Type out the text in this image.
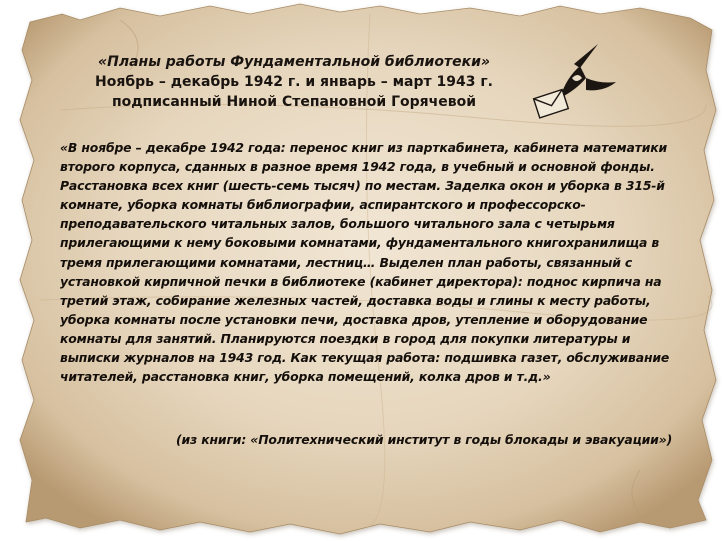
«Планы работы Фундаментальной библиотеки»
Ноябрь – декабрь 1942 г. и январь – март 1943 г.
подписанный Ниной Степановной Горячевой
«В ноябре – декабре 1942 года: перенос книг из парткабинета, кабинета математики второго корпуса, сданных в разное время 1942 года, в учебный и основной фонды. Расстановка всех книг (шесть-семь тысяч) по местам. Заделка окон и уборка в 315-й комнате, уборка комнаты библиографии, аспирантского и профессорско-преподавательского читальных залов, большого читального зала с четырьмя прилегающими к нему боковыми комнатами, фундаментального книгохранилища в тремя прилегающими комнатами, лестниц… Выделен план работы, связанный с установкой кирпичной печки в библиотеке (кабинет директора): поднос кирпича на третий этаж, собирание железных частей, доставка воды и глины к месту работы, уборка комнаты после установки печи, доставка дров, утепление и оборудование комнаты для занятий. Планируются поездки в город для покупки литературы и выписки журналов на 1943 год. Как текущая работа: подшивка газет, обслуживание читателей, расстановка книг, уборка помещений, колка дров и т.д.»
(из книги: «Политехнический институт в годы блокады и эвакуации»)
